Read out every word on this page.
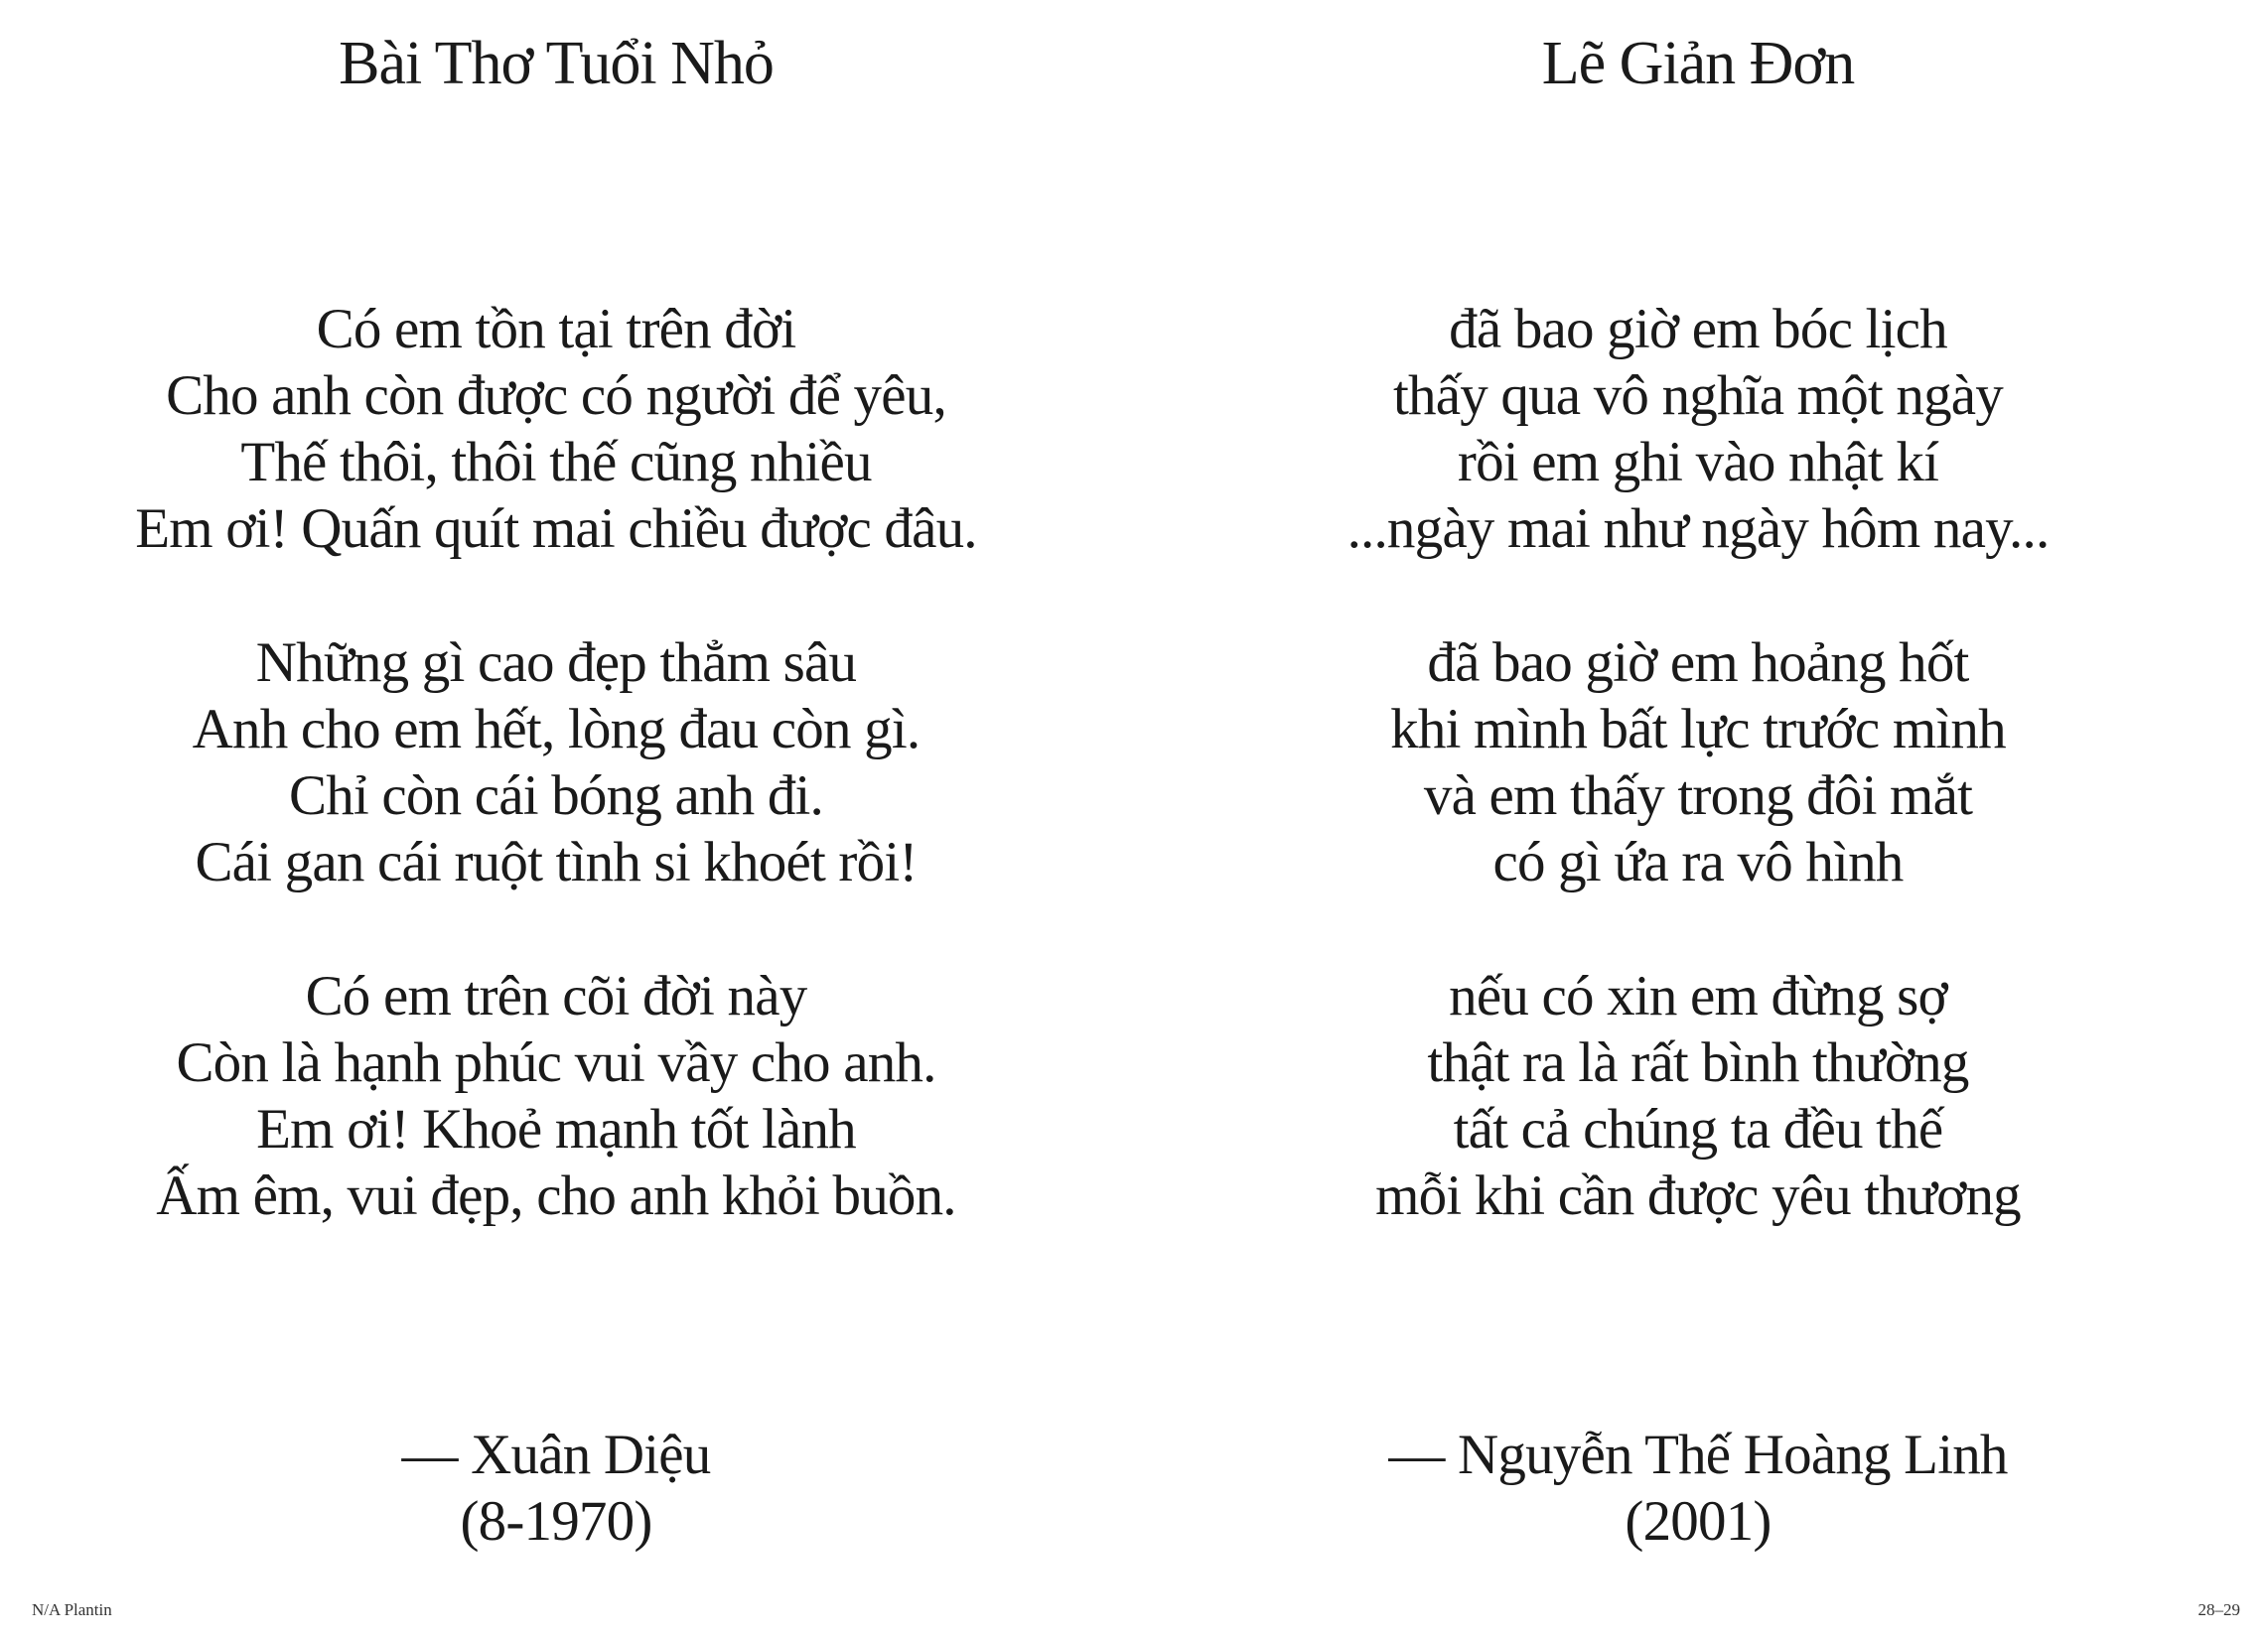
Bài Thơ Tuổi Nhỏ

Có em tồn tại trên đời
Cho anh còn được có người để yêu,
Thế thôi, thôi thế cũng nhiều
Em ơi! Quấn quít mai chiều được đâu.

Những gì cao đẹp thẳm sâu
Anh cho em hết, lòng đau còn gì.
Chỉ còn cái bóng anh đi.
Cái gan cái ruột tình si khoét rồi!

Có em trên cõi đời này
Còn là hạnh phúc vui vầy cho anh.
Em ơi! Khoẻ mạnh tốt lành
Ấm êm, vui đẹp, cho anh khỏi buồn.

— Xuân Diệu
(8-1970)
N/A Plantin
Lẽ Giản Đơn

đã bao giờ em bóc lịch
thấy qua vô nghĩa một ngày
rồi em ghi vào nhật kí
...ngày mai như ngày hôm nay...

đã bao giờ em hoảng hốt
khi mình bất lực trước mình
và em thấy trong đôi mắt
có gì ứa ra vô hình

nếu có xin em đừng sợ
thật ra là rất bình thường
tất cả chúng ta đều thế
mỗi khi cần được yêu thương

— Nguyễn Thế Hoàng Linh
(2001)
28–29
